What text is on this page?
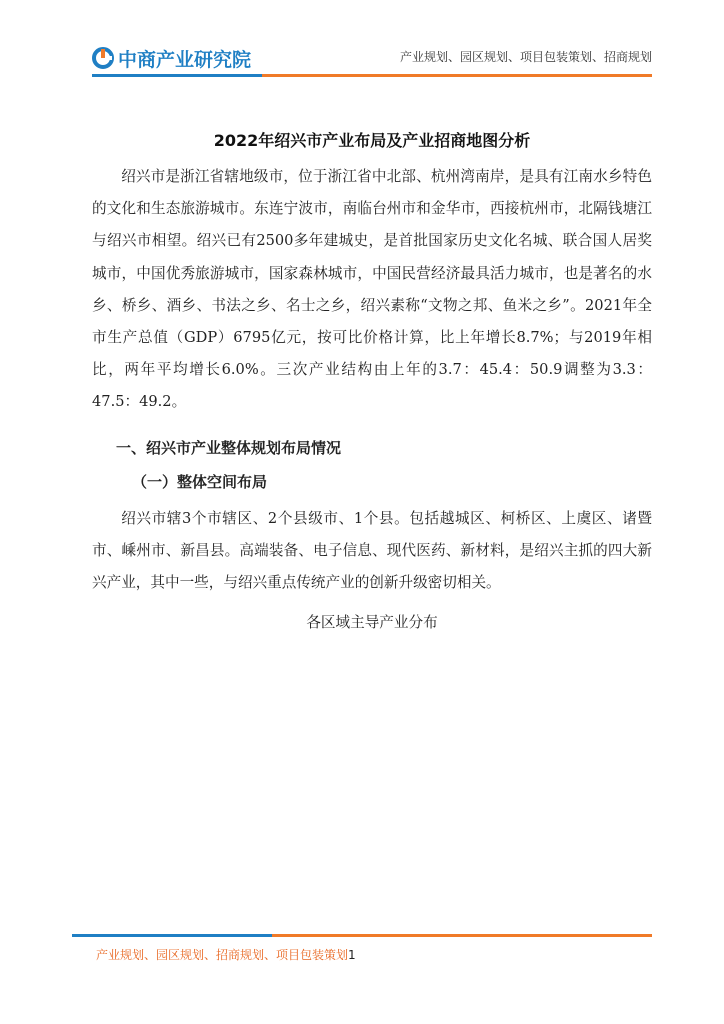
中商产业研究院	产业规划、园区规划、项目包装策划、招商规划
2022年绍兴市产业布局及产业招商地图分析

绍兴市是浙江省辖地级市，位于浙江省中北部、杭州湾南岸，是具有江南水乡特色的文化和生态旅游城市。东连宁波市，南临台州市和金华市，西接杭州市，北隔钱塘江与绍兴市相望。绍兴已有2500多年建城史，是首批国家历史文化名城、联合国人居奖城市，中国优秀旅游城市，国家森林城市，中国民营经济最具活力城市，也是著名的水乡、桥乡、酒乡、书法之乡、名士之乡，绍兴素称“文物之邦、鱼米之乡”。2021年全市生产总值（GDP）6795亿元，按可比价格计算，比上年增长8.7%；与2019年相比，两年平均增长6.0%。三次产业结构由上年的3.7：45.4：50.9调整为3.3：47.5：49.2。

一、绍兴市产业整体规划布局情况
（一）整体空间布局

绍兴市辖3个市辖区、2个县级市、1个县。包括越城区、柯桥区、上虞区、诸暨市、嵊州市、新昌县。高端装备、电子信息、现代医药、新材料，是绍兴主抓的四大新兴产业，其中一些，与绍兴重点传统产业的创新升级密切相关。

各区域主导产业分布
产业规划、园区规划、招商规划、项目包装策划1
